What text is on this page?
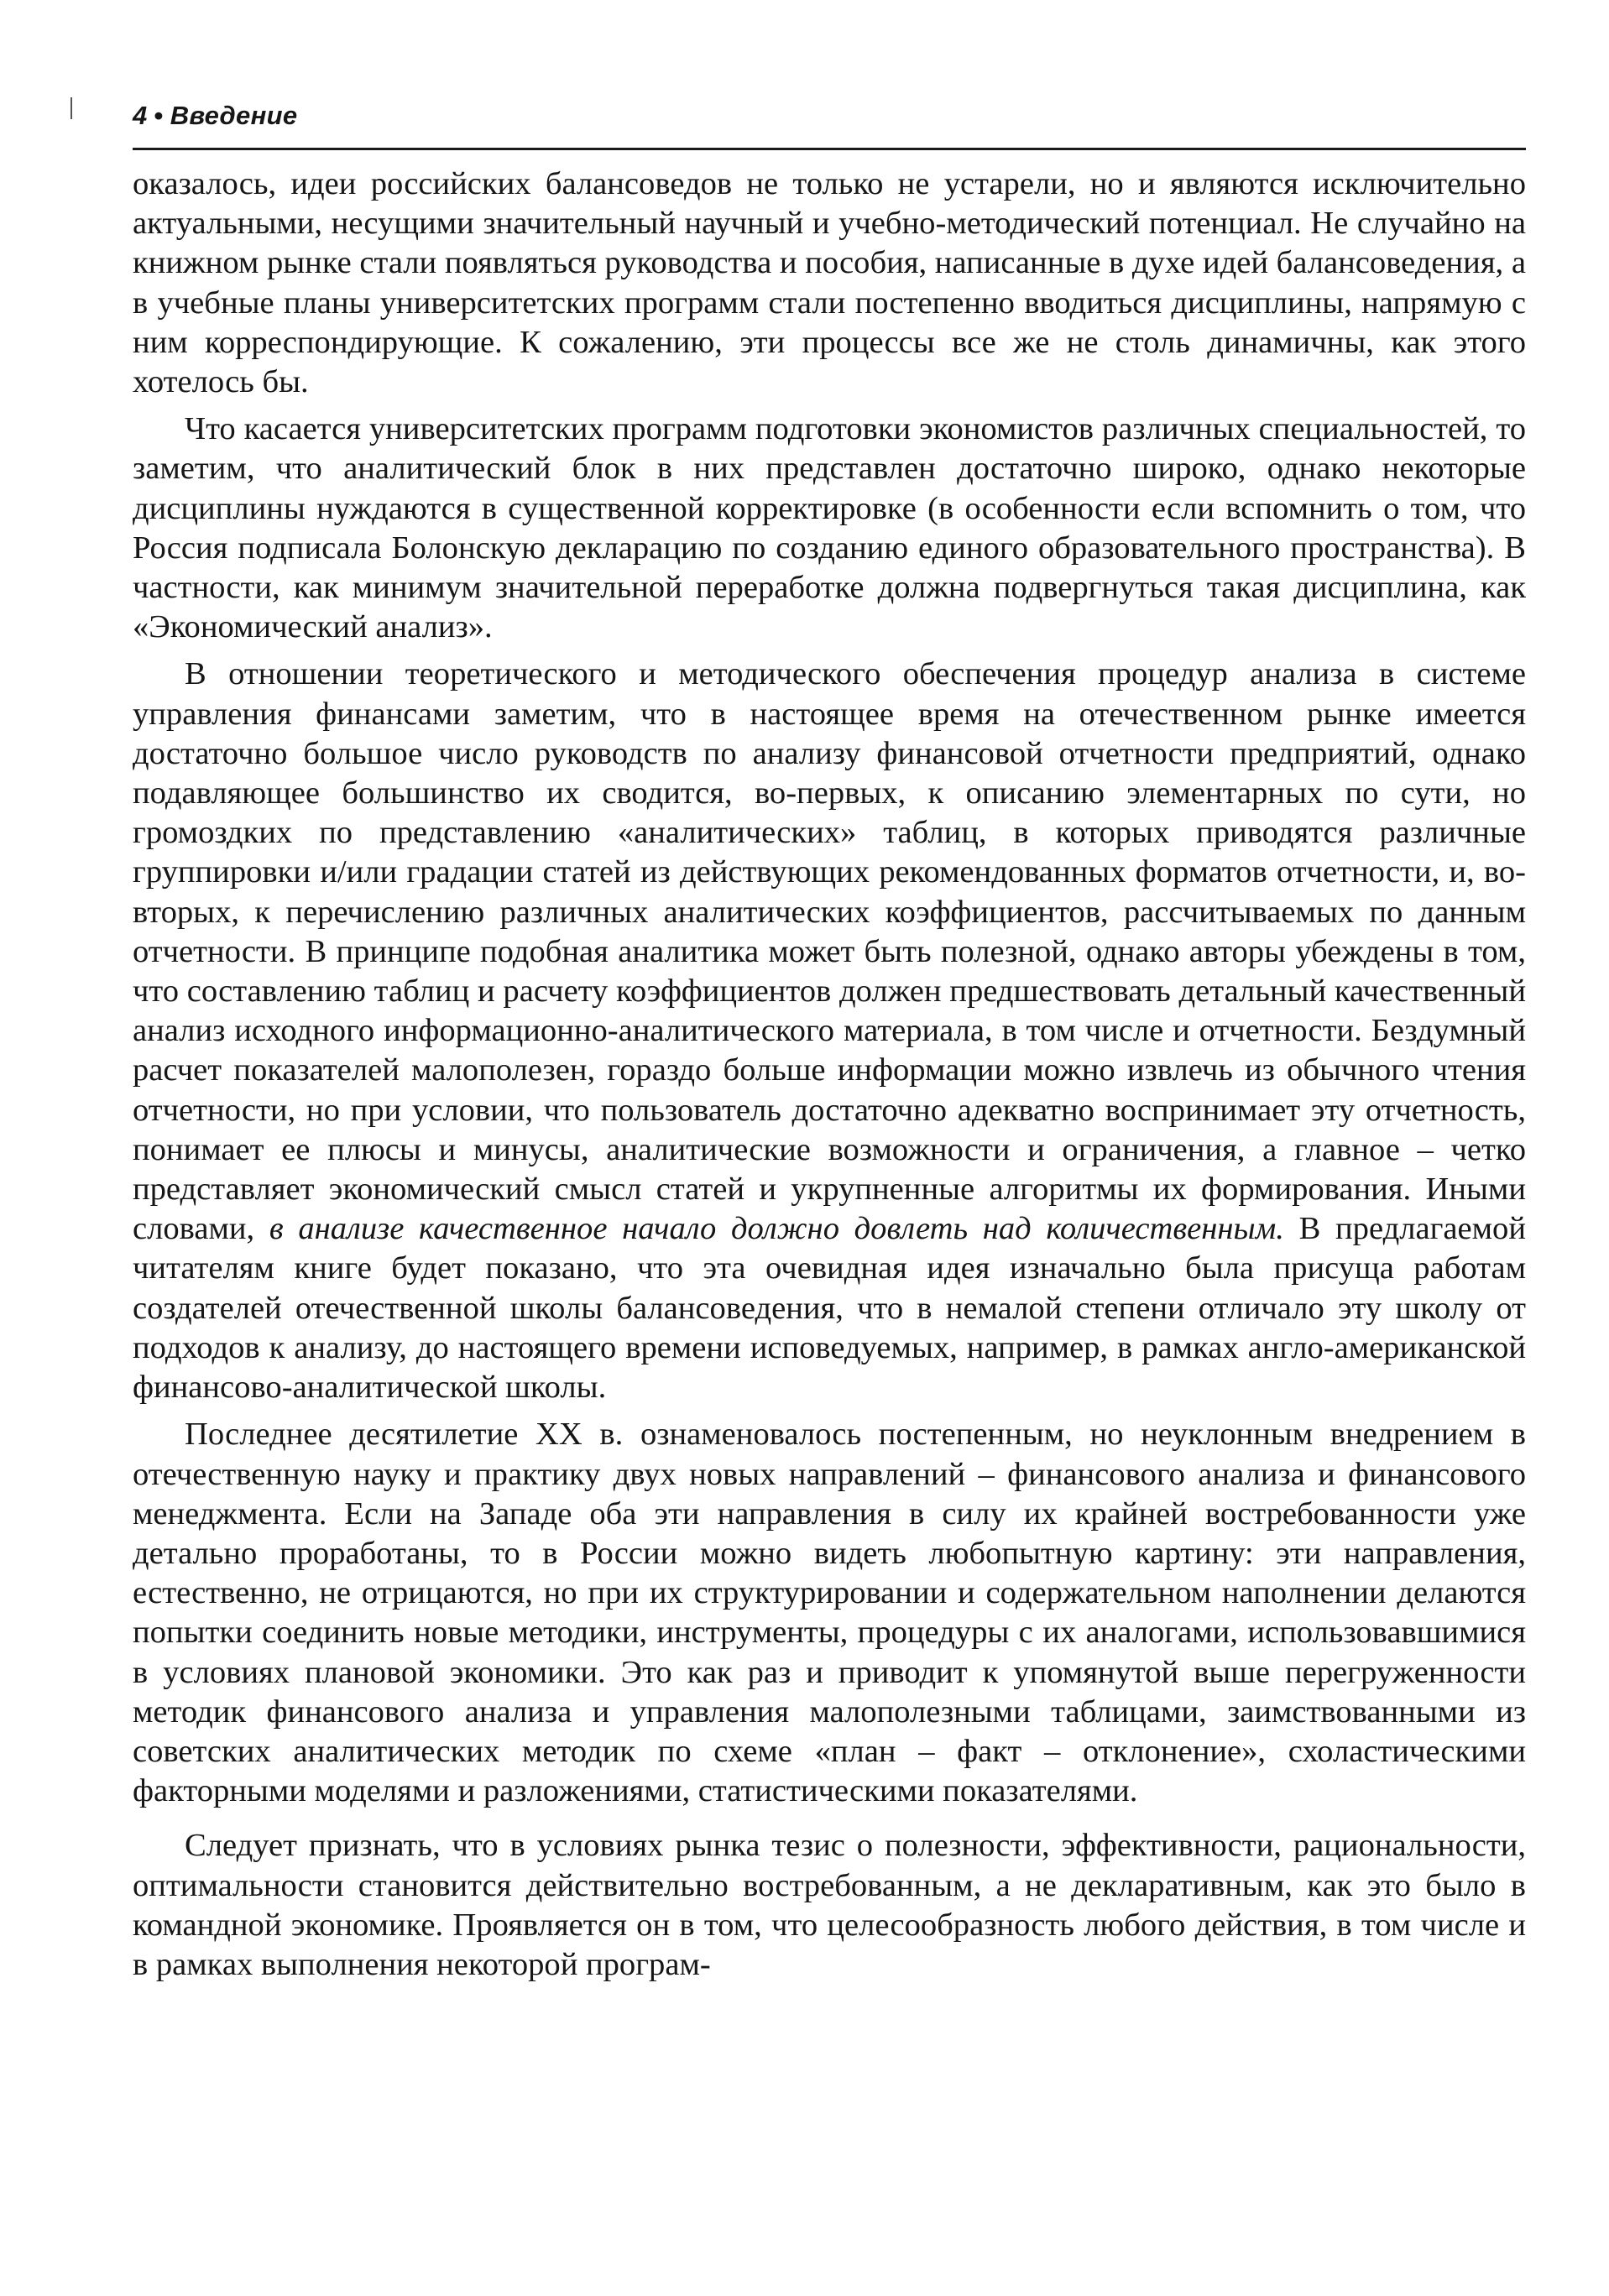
4 • Введение

оказалось, идеи российских балансоведов не только не устарели, но и являются исключительно актуальными, несущими значительный научный и учебно-методический потенциал. Не случайно на книжном рынке стали появляться руководства и пособия, написанные в духе идей балансоведения, а в учебные планы университетских программ стали постепенно вводиться дисциплины, напрямую с ним корреспондирующие. К сожалению, эти процессы все же не столь динамичны, как этого хотелось бы.

Что касается университетских программ подготовки экономистов различных специальностей, то заметим, что аналитический блок в них представлен достаточно широко, однако некоторые дисциплины нуждаются в существенной корректировке (в особенности если вспомнить о том, что Россия подписала Болонскую декларацию по созданию единого образовательного пространства). В частности, как минимум значительной переработке должна подвергнуться такая дисциплина, как «Экономический анализ».

В отношении теоретического и методического обеспечения процедур анализа в системе управления финансами заметим, что в настоящее время на отечественном рынке имеется достаточно большое число руководств по анализу финансовой отчетности предприятий, однако подавляющее большинство их сводится, во-первых, к описанию элементарных по сути, но громоздких по представлению «аналитических» таблиц, в которых приводятся различные группировки и/или градации статей из действующих рекомендованных форматов отчетности, и, во-вторых, к перечислению различных аналитических коэффициентов, рассчитываемых по данным отчетности. В принципе подобная аналитика может быть полезной, однако авторы убеждены в том, что составлению таблиц и расчету коэффициентов должен предшествовать детальный качественный анализ исходного информационно-аналитического материала, в том числе и отчетности. Бездумный расчет показателей малополезен, гораздо больше информации можно извлечь из обычного чтения отчетности, но при условии, что пользователь достаточно адекватно воспринимает эту отчетность, понимает ее плюсы и минусы, аналитические возможности и ограничения, а главное – четко представляет экономический смысл статей и укрупненные алгоритмы их формирования. Иными словами, в анализе качественное начало должно довлеть над количественным. В предлагаемой читателям книге будет показано, что эта очевидная идея изначально была присуща работам создателей отечественной школы балансоведения, что в немалой степени отличало эту школу от подходов к анализу, до настоящего времени исповедуемых, например, в рамках англо-американской финансово-аналитической школы.

Последнее десятилетие XX в. ознаменовалось постепенным, но неуклонным внедрением в отечественную науку и практику двух новых направлений – финансового анализа и финансового менеджмента. Если на Западе оба эти направления в силу их крайней востребованности уже детально проработаны, то в России можно видеть любопытную картину: эти направления, естественно, не отрицаются, но при их структурировании и содержательном наполнении делаются попытки соединить новые методики, инструменты, процедуры с их аналогами, использовавшимися в условиях плановой экономики. Это как раз и приводит к упомянутой выше перегруженности методик финансового анализа и управления малополезными таблицами, заимствованными из советских аналитических методик по схеме «план – факт – отклонение», схоластическими факторными моделями и разложениями, статистическими показателями.

Следует признать, что в условиях рынка тезис о полезности, эффективности, рациональности, оптимальности становится действительно востребованным, а не декларативным, как это было в командной экономике. Проявляется он в том, что целесообразность любого действия, в том числе и в рамках выполнения некоторой програм-
